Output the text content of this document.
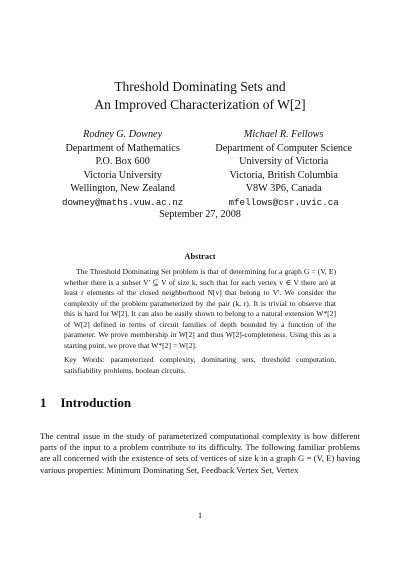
Threshold Dominating Sets and
An Improved Characterization of W[2]
Rodney G. Downey
Department of Mathematics
P.O. Box 600
Victoria University
Wellington, New Zealand
downey@maths.vuw.ac.nz
Michael R. Fellows
Department of Computer Science
University of Victoria
Victoria, British Columbia
V8W 3P6, Canada
mfellows@csr.uvic.ca
September 27, 2008
Abstract
The Threshold Dominating Set problem is that of determining for a graph G = (V, E) whether there is a subset V' ⊆ V of size k, such that for each vertex v ∈ V there are at least r elements of the closed neighborhood N[v] that belong to V'. We consider the complexity of the problem parameterized by the pair (k, r). It is trivial to observe that this is hard for W[2]. It can also be easily shown to belong to a natural extension W*[2] of W[2] defined in terms of circuit families of depth bounded by a function of the parameter. We prove membership in W[2] and thus W[2]-completeness. Using this as a starting point, we prove that W*[2] = W[2].
Key Words: parameterized complexity, dominating sets, threshold computation, satisfiability problems, boolean circuits.
1 Introduction
The central issue in the study of parameterized computational complexity is how different parts of the input to a problem contribute to its difficulty. The following familiar problems are all concerned with the existence of sets of vertices of size k in a graph G = (V, E) having various properties: Minimum Dominating Set, Feedback Vertex Set, Vertex
1
